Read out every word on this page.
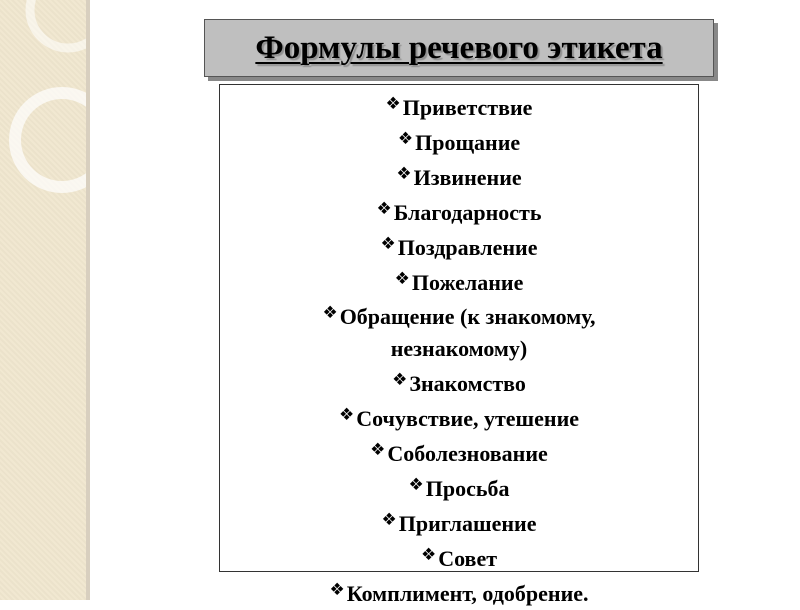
Формулы речевого этикета
❖Приветствие
❖Прощание
❖Извинение
❖Благодарность
❖Поздравление
❖Пожелание
❖Обращение (к знакомому,
незнакомому)
❖Знакомство
❖Сочувствие, утешение
❖Соболезнование
❖Просьба
❖Приглашение
❖Совет
❖Комплимент, одобрение.
